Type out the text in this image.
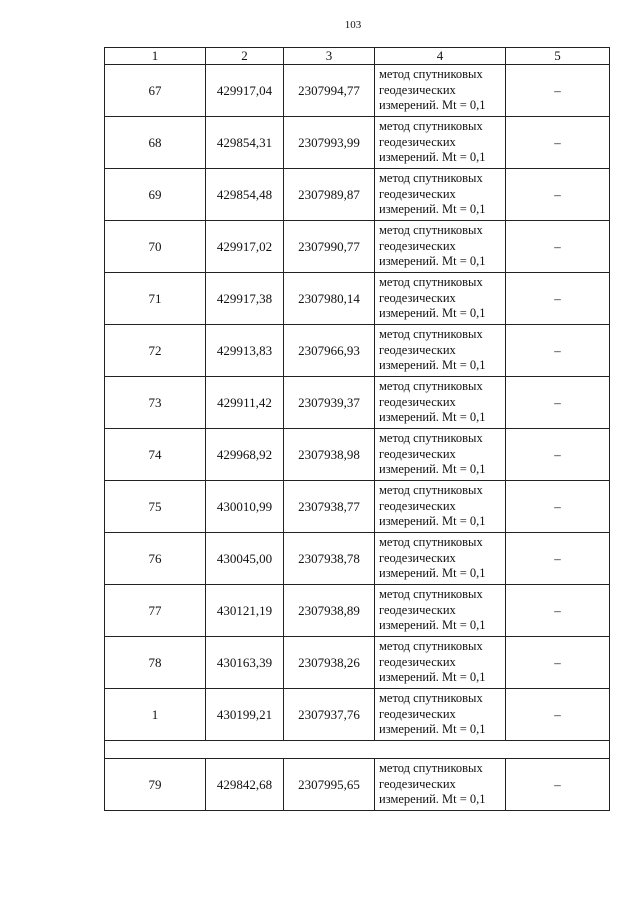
103
1	2	3	4	5
67	429917,04	2307994,77	метод спутниковых
геодезических
измерений. Mt = 0,1	–
68	429854,31	2307993,99	метод спутниковых
геодезических
измерений. Mt = 0,1	–
69	429854,48	2307989,87	метод спутниковых
геодезических
измерений. Mt = 0,1	–
70	429917,02	2307990,77	метод спутниковых
геодезических
измерений. Mt = 0,1	–
71	429917,38	2307980,14	метод спутниковых
геодезических
измерений. Mt = 0,1	–
72	429913,83	2307966,93	метод спутниковых
геодезических
измерений. Mt = 0,1	–
73	429911,42	2307939,37	метод спутниковых
геодезических
измерений. Mt = 0,1	–
74	429968,92	2307938,98	метод спутниковых
геодезических
измерений. Mt = 0,1	–
75	430010,99	2307938,77	метод спутниковых
геодезических
измерений. Mt = 0,1	–
76	430045,00	2307938,78	метод спутниковых
геодезических
измерений. Mt = 0,1	–
77	430121,19	2307938,89	метод спутниковых
геодезических
измерений. Mt = 0,1	–
78	430163,39	2307938,26	метод спутниковых
геодезических
измерений. Mt = 0,1	–
1	430199,21	2307937,76	метод спутниковых
геодезических
измерений. Mt = 0,1	–

79	429842,68	2307995,65	метод спутниковых
геодезических
измерений. Mt = 0,1	–
